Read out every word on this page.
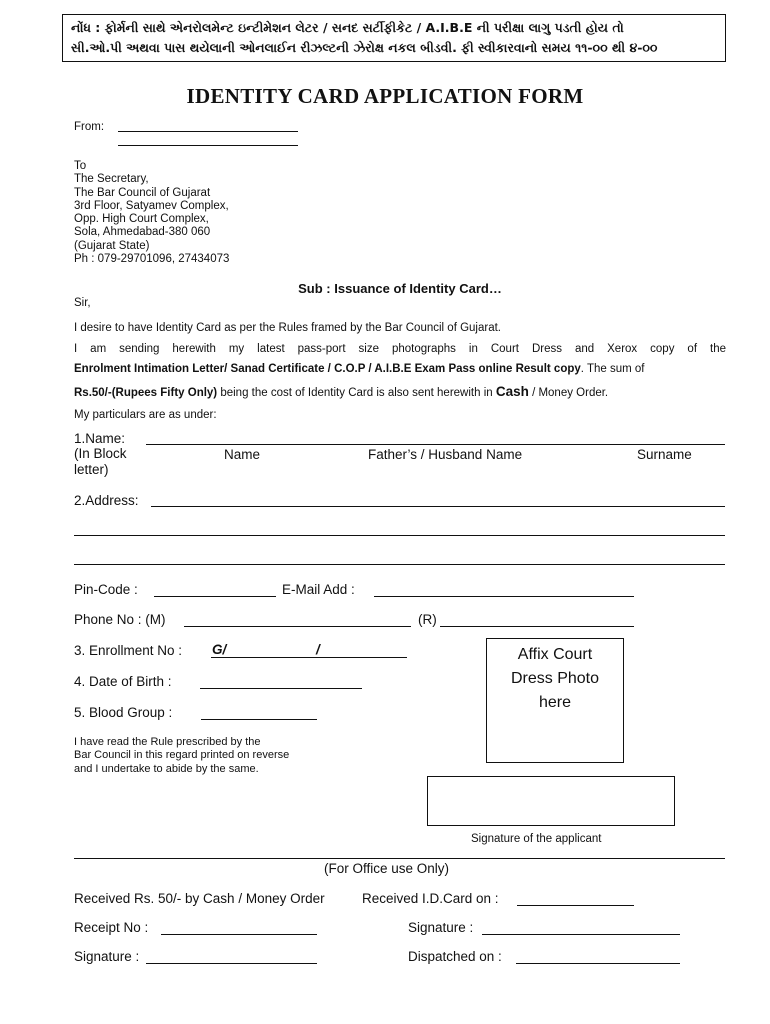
નોંધ : ફોર્મની સાથે એનરોલમેન્ટ ઇન્ટીમેશન લેટર / સનદ સર્ટીફીકેટ / A.I.B.E ની પરીક્ષા લાગુ પડતી હોય તો
સી.ઓ.પી અથવા પાસ થયેલાની ઓનલાઈન રીઝલ્ટની ઝેરોક્ષ નકલ બીડવી. ફી સ્વીકારવાનો સમય ૧૧-૦૦ થી ૪-૦૦
IDENTITY CARD APPLICATION FORM
From:
To
The Secretary,
The Bar Council of Gujarat
3rd Floor, Satyamev Complex,
Opp. High Court Complex,
Sola, Ahmedabad-380 060
(Gujarat State)
Ph : 079-29701096, 27434073
Sub : Issuance of Identity Card…
Sir,
I desire to have Identity Card as per the Rules framed by the Bar Council of Gujarat.
I am sending herewith my latest pass-port size photographs in Court Dress and Xerox copy of the
Enrolment Intimation Letter/ Sanad Certificate / C.O.P / A.I.B.E Exam Pass online Result copy. The sum of
Rs.50/-(Rupees Fifty Only) being the cost of Identity Card is also sent herewith in Cash / Money Order.
My particulars are as under:
1.Name:
(In Block
letter)
Name	Father’s / Husband Name	Surname
2.Address:
Pin-Code :	E-Mail Add :
Phone No : (M)	(R)
3. Enrollment No : G/	/
4. Date of Birth :
5. Blood Group :
Affix Court
Dress Photo
here
I have read the Rule prescribed by the
Bar Council in this regard printed on reverse
and I undertake to abide by the same.
Signature of the applicant
(For Office use Only)
Received Rs. 50/- by Cash / Money Order	Received I.D.Card on :
Receipt No :	Signature :
Signature :	Dispatched on :
